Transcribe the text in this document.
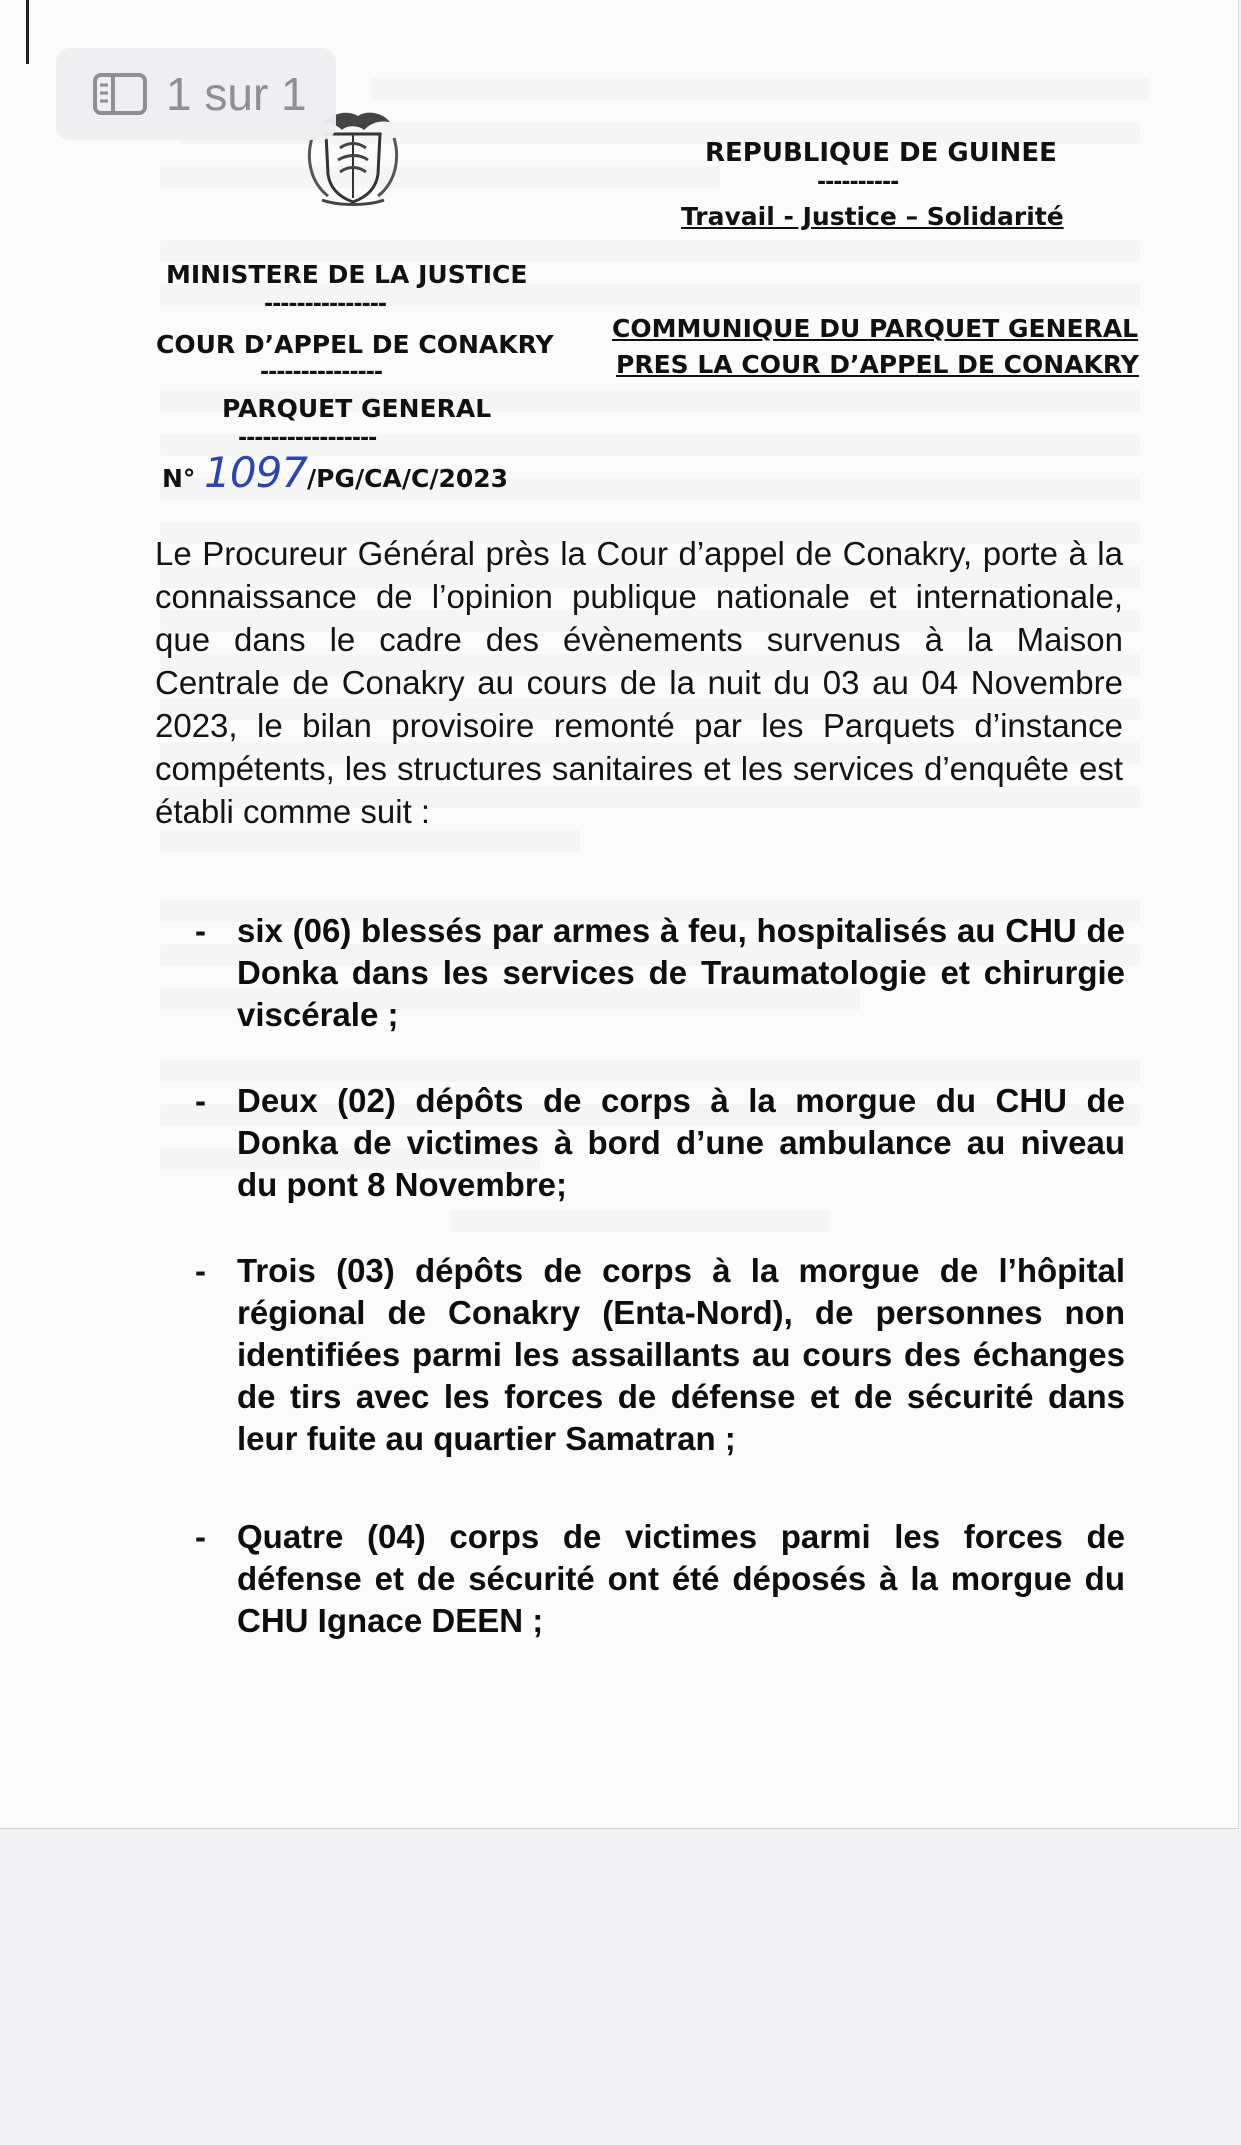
1 sur 1
REPUBLIQUE DE GUINEE
----------
Travail - Justice – Solidarité
MINISTERE DE LA JUSTICE
---------------
COUR D’APPEL DE CONAKRY
---------------
PARQUET GENERAL
-----------------
COMMUNIQUE DU PARQUET GENERAL
PRES LA COUR D’APPEL DE CONAKRY
N° 1097/PG/CA/C/2023
Le Procureur Général près la Cour d’appel de Conakry, porte à la connaissance de l’opinion publique nationale et internationale, que dans le cadre des évènements survenus à la Maison Centrale de Conakry au cours de la nuit du 03 au 04 Novembre 2023, le bilan provisoire remonté par les Parquets d’instance compétents, les structures sanitaires et les services d’enquête est établi comme suit :
- six (06) blessés par armes à feu, hospitalisés au CHU de Donka dans les services de Traumatologie et chirurgie viscérale ;
- Deux (02) dépôts de corps à la morgue du CHU de Donka de victimes à bord d’une ambulance au niveau du pont 8 Novembre;
- Trois (03) dépôts de corps à la morgue de l’hôpital régional de Conakry (Enta-Nord), de personnes non identifiées parmi les assaillants au cours des échanges de tirs avec les forces de défense et de sécurité dans leur fuite au quartier Samatran ;
- Quatre (04) corps de victimes parmi les forces de défense et de sécurité ont été déposés à la morgue du CHU Ignace DEEN ;
